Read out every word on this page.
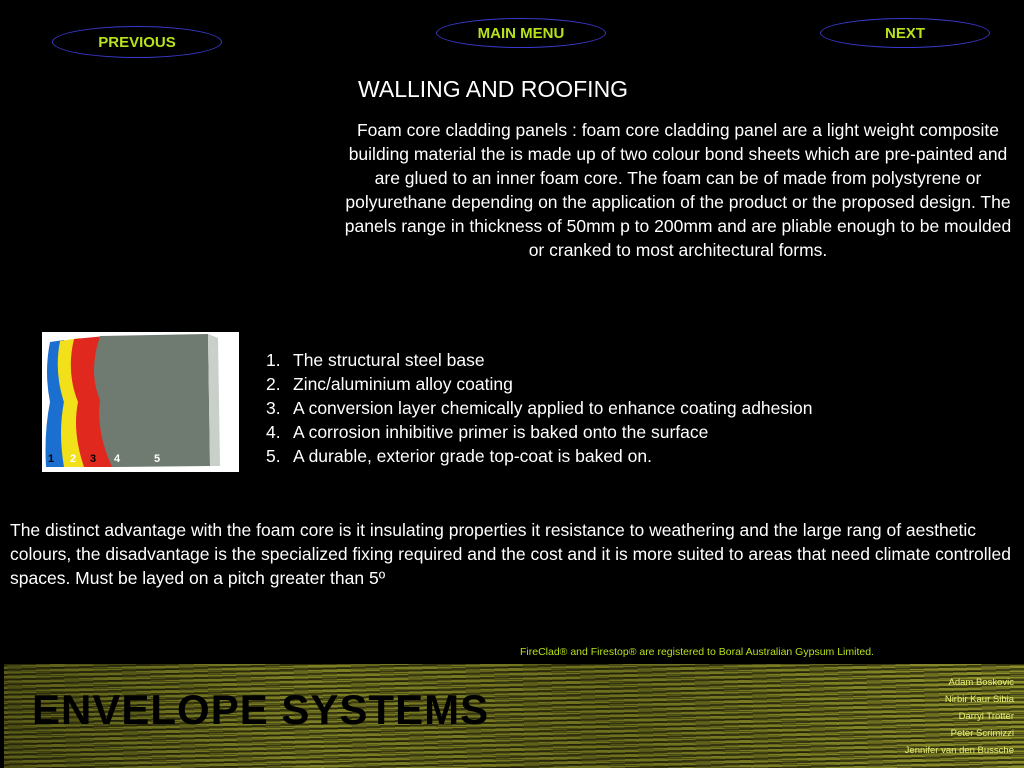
PREVIOUS
MAIN MENU	NEXT
WALLING AND ROOFING
Foam core cladding panels : foam core cladding panel are a light weight composite building material the is made up of two colour bond sheets which are pre-painted and are glued to an inner foam core. The foam can be of made from polystyrene or polyurethane depending on the application of the product or the proposed design. The panels range in thickness of 50mm p to 200mm and are pliable enough to be moulded or cranked to most architectural forms.
1 2 3 4	5
1. The structural steel base
2. Zinc/aluminium alloy coating
3. A conversion layer chemically applied to enhance coating adhesion
4. A corrosion inhibitive primer is baked onto the surface
5. A durable, exterior grade top-coat is baked on.
The distinct advantage with the foam core is it insulating properties it resistance to weathering and the large rang of aesthetic colours, the disadvantage is the specialized fixing required and the cost and it is more suited to areas that need climate controlled spaces. Must be layed on a pitch greater than 5º
FireClad® and Firestop® are registered to Boral Australian Gypsum Limited.
ENVELOPE SYSTEMS
Adam Boskovic
Nirbir Kaur Sibia
Darryl Trotter
Peter Scrimizzi
Jennifer van den Bussche
